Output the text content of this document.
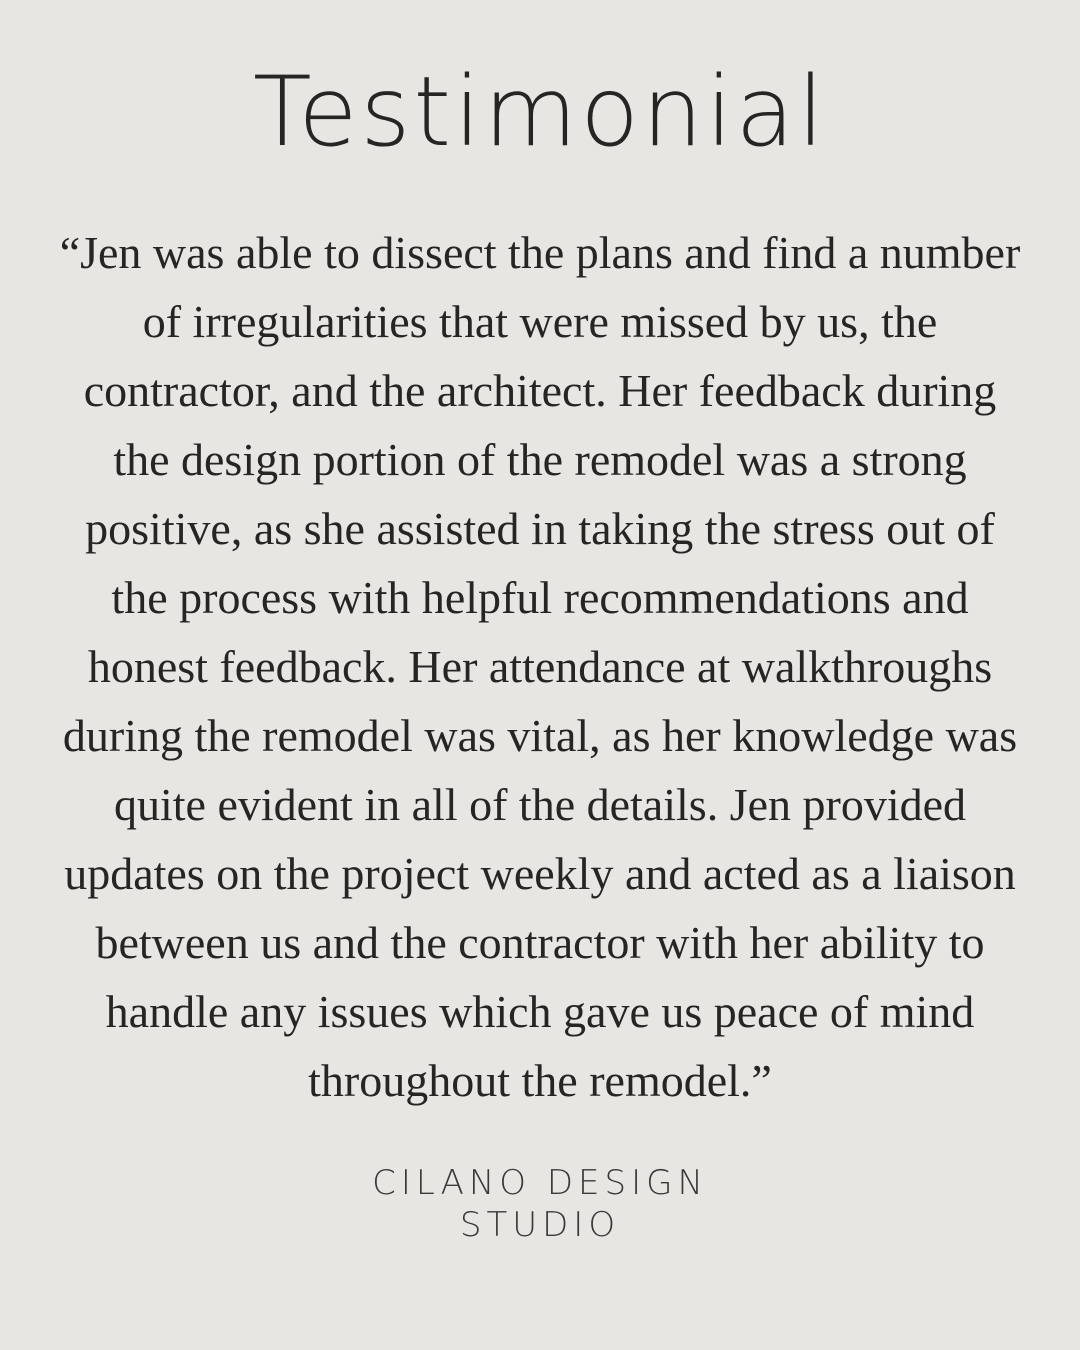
Testimonial
“Jen was able to dissect the plans and find a number
of irregularities that were missed by us, the
contractor, and the architect. Her feedback during
the design portion of the remodel was a strong
positive, as she assisted in taking the stress out of
the process with helpful recommendations and
honest feedback. Her attendance at walkthroughs
during the remodel was vital, as her knowledge was
quite evident in all of the details. Jen provided
updates on the project weekly and acted as a liaison
between us and the contractor with her ability to
handle any issues which gave us peace of mind
throughout the remodel.”
CILANO DESIGN
STUDIO
